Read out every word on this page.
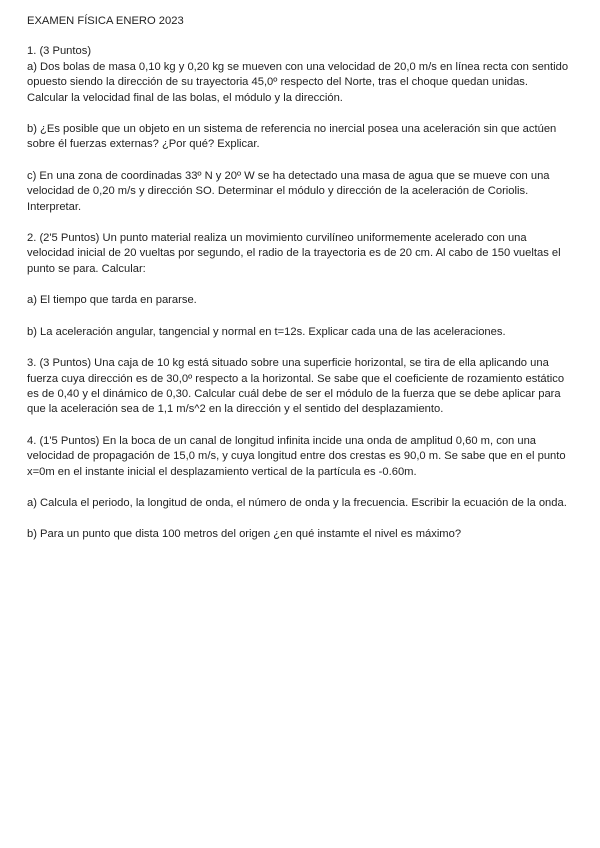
EXAMEN FÍSICA ENERO 2023

1. (3 Puntos)
a) Dos bolas de masa 0,10 kg y 0,20 kg se mueven con una velocidad de 20,0 m/s en línea recta con sentido opuesto siendo la dirección de su trayectoria 45,0º respecto del Norte, tras el choque quedan unidas. Calcular la velocidad final de las bolas, el módulo y la dirección.

b) ¿Es posible que un objeto en un sistema de referencia no inercial posea una aceleración sin que actúen sobre él fuerzas externas? ¿Por qué? Explicar.

c) En una zona de coordinadas 33º N y 20º W se ha detectado una masa de agua que se mueve con una velocidad de 0,20 m/s y dirección SO. Determinar el módulo y dirección de la aceleración de Coriolis. Interpretar.

2. (2'5 Puntos) Un punto material realiza un movimiento curvilíneo uniformemente acelerado con una velocidad inicial de 20 vueltas por segundo, el radio de la trayectoria es de 20 cm. Al cabo de 150 vueltas el punto se para. Calcular:

a) El tiempo que tarda en pararse.

b) La aceleración angular, tangencial y normal en t=12s. Explicar cada una de las aceleraciones.

3. (3 Puntos) Una caja de 10 kg está situado sobre una superficie horizontal, se tira de ella aplicando una fuerza cuya dirección es de 30,0º respecto a la horizontal. Se sabe que el coeficiente de rozamiento estático es de 0,40 y el dinámico de 0,30. Calcular cuál debe de ser el módulo de la fuerza que se debe aplicar para que la aceleración sea de 1,1 m/s^2 en la dirección y el sentido del desplazamiento.

4. (1'5 Puntos) En la boca de un canal de longitud infinita incide una onda de amplitud 0,60 m, con una velocidad de propagación de 15,0 m/s, y cuya longitud entre dos crestas es 90,0 m. Se sabe que en el punto x=0m en el instante inicial el desplazamiento vertical de la partícula es -0.60m.

a) Calcula el periodo, la longitud de onda, el número de onda y la frecuencia. Escribir la ecuación de la onda.

b) Para un punto que dista 100 metros del origen ¿en qué instamte el nivel es máximo?
